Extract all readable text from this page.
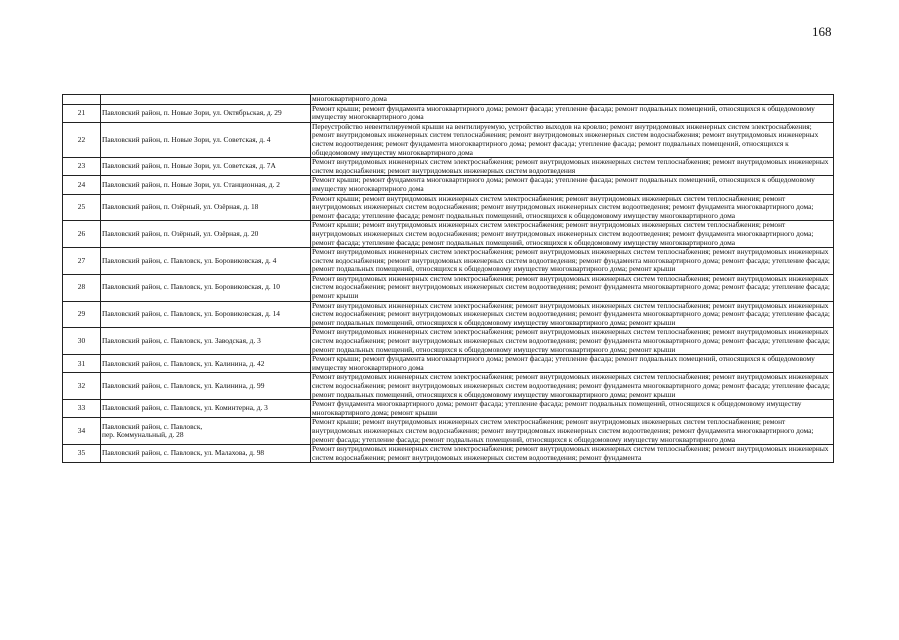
168
		многоквартирного дома
21	Павловский район, п. Новые Зори, ул. Октябрьская, д. 29	Ремонт крыши; ремонт фундамента многоквартирного дома; ремонт фасада; утепление фасада; ремонт подвальных помещений, относящихся к общедомовому имуществу многоквартирного дома
22	Павловский район, п. Новые Зори, ул. Советская, д. 4	Переустройство невентилируемой крыши на вентилируемую, устройство выходов на кровлю; ремонт внутридомовых инженерных систем электроснабжения; ремонт внутридомовых инженерных систем теплоснабжения; ремонт внутридомовых инженерных систем водоснабжения; ремонт внутридомовых инженерных систем водоотведения; ремонт фундамента многоквартирного дома; ремонт фасада; утепление фасада; ремонт подвальных помещений, относящихся к общедомовому имуществу многоквартирного дома
23	Павловский район, п. Новые Зори, ул. Советская, д. 7А	Ремонт внутридомовых инженерных систем электроснабжения; ремонт внутридомовых инженерных систем теплоснабжения; ремонт внутридомовых инженерных систем водоснабжения; ремонт внутридомовых инженерных систем водоотведения
24	Павловский район, п. Новые Зори, ул. Станционная, д. 2	Ремонт крыши; ремонт фундамента многоквартирного дома; ремонт фасада; утепление фасада; ремонт подвальных помещений, относящихся к общедомовому имуществу многоквартирного дома
25	Павловский район, п. Озёрный, ул. Озёрная, д. 18	Ремонт крыши; ремонт внутридомовых инженерных систем электроснабжения; ремонт внутридомовых инженерных систем теплоснабжения; ремонт внутридомовых инженерных систем водоснабжения; ремонт внутридомовых инженерных систем водоотведения; ремонт фундамента многоквартирного дома; ремонт фасада; утепление фасада; ремонт подвальных помещений, относящихся к общедомовому имуществу многоквартирного дома
26	Павловский район, п. Озёрный, ул. Озёрная, д. 20	Ремонт крыши; ремонт внутридомовых инженерных систем электроснабжения; ремонт внутридомовых инженерных систем теплоснабжения; ремонт внутридомовых инженерных систем водоснабжения; ремонт внутридомовых инженерных систем водоотведения; ремонт фундамента многоквартирного дома; ремонт фасада; утепление фасада; ремонт подвальных помещений, относящихся к общедомовому имуществу многоквартирного дома
27	Павловский район, с. Павловск, ул. Боровиковская, д. 4	Ремонт внутридомовых инженерных систем электроснабжения; ремонт внутридомовых инженерных систем теплоснабжения; ремонт внутридомовых инженерных систем водоснабжения; ремонт внутридомовых инженерных систем водоотведения; ремонт фундамента многоквартирного дома; ремонт фасада; утепление фасада; ремонт подвальных помещений, относящихся к общедомовому имуществу многоквартирного дома; ремонт крыши
28	Павловский район, с. Павловск, ул. Боровиковская, д. 10	Ремонт внутридомовых инженерных систем электроснабжения; ремонт внутридомовых инженерных систем теплоснабжения; ремонт внутридомовых инженерных систем водоснабжения; ремонт внутридомовых инженерных систем водоотведения; ремонт фундамента многоквартирного дома; ремонт фасада; утепление фасада; ремонт крыши
29	Павловский район, с. Павловск, ул. Боровиковская, д. 14	Ремонт внутридомовых инженерных систем электроснабжения; ремонт внутридомовых инженерных систем теплоснабжения; ремонт внутридомовых инженерных систем водоснабжения; ремонт внутридомовых инженерных систем водоотведения; ремонт фундамента многоквартирного дома; ремонт фасада; утепление фасада; ремонт подвальных помещений, относящихся к общедомовому имуществу многоквартирного дома; ремонт крыши
30	Павловский район, с. Павловск, ул. Заводская, д. 3	Ремонт внутридомовых инженерных систем электроснабжения; ремонт внутридомовых инженерных систем теплоснабжения; ремонт внутридомовых инженерных систем водоснабжения; ремонт внутридомовых инженерных систем водоотведения; ремонт фундамента многоквартирного дома; ремонт фасада; утепление фасада; ремонт подвальных помещений, относящихся к общедомовому имуществу многоквартирного дома; ремонт крыши
31	Павловский район, с. Павловск, ул. Калинина, д. 42	Ремонт крыши; ремонт фундамента многоквартирного дома; ремонт фасада; утепление фасада; ремонт подвальных помещений, относящихся к общедомовому имуществу многоквартирного дома
32	Павловский район, с. Павловск, ул. Калинина, д. 99	Ремонт внутридомовых инженерных систем электроснабжения; ремонт внутридомовых инженерных систем теплоснабжения; ремонт внутридомовых инженерных систем водоснабжения; ремонт внутридомовых инженерных систем водоотведения; ремонт фундамента многоквартирного дома; ремонт фасада; утепление фасада; ремонт подвальных помещений, относящихся к общедомовому имуществу многоквартирного дома; ремонт крыши
33	Павловский район, с. Павловск, ул. Коминтерна, д. 3	Ремонт фундамента многоквартирного дома; ремонт фасада; утепление фасада; ремонт подвальных помещений, относящихся к общедомовому имуществу многоквартирного дома; ремонт крыши
34	Павловский район, с. Павловск,
пер. Коммунальный, д. 28	Ремонт крыши; ремонт внутридомовых инженерных систем электроснабжения; ремонт внутридомовых инженерных систем теплоснабжения; ремонт внутридомовых инженерных систем водоснабжения; ремонт внутридомовых инженерных систем водоотведения; ремонт фундамента многоквартирного дома; ремонт фасада; утепление фасада; ремонт подвальных помещений, относящихся к общедомовому имуществу многоквартирного дома
35	Павловский район, с. Павловск, ул. Малахова, д. 98	Ремонт внутридомовых инженерных систем электроснабжения; ремонт внутридомовых инженерных систем теплоснабжения; ремонт внутридомовых инженерных систем водоснабжения; ремонт внутридомовых инженерных систем водоотведения; ремонт фундамента
